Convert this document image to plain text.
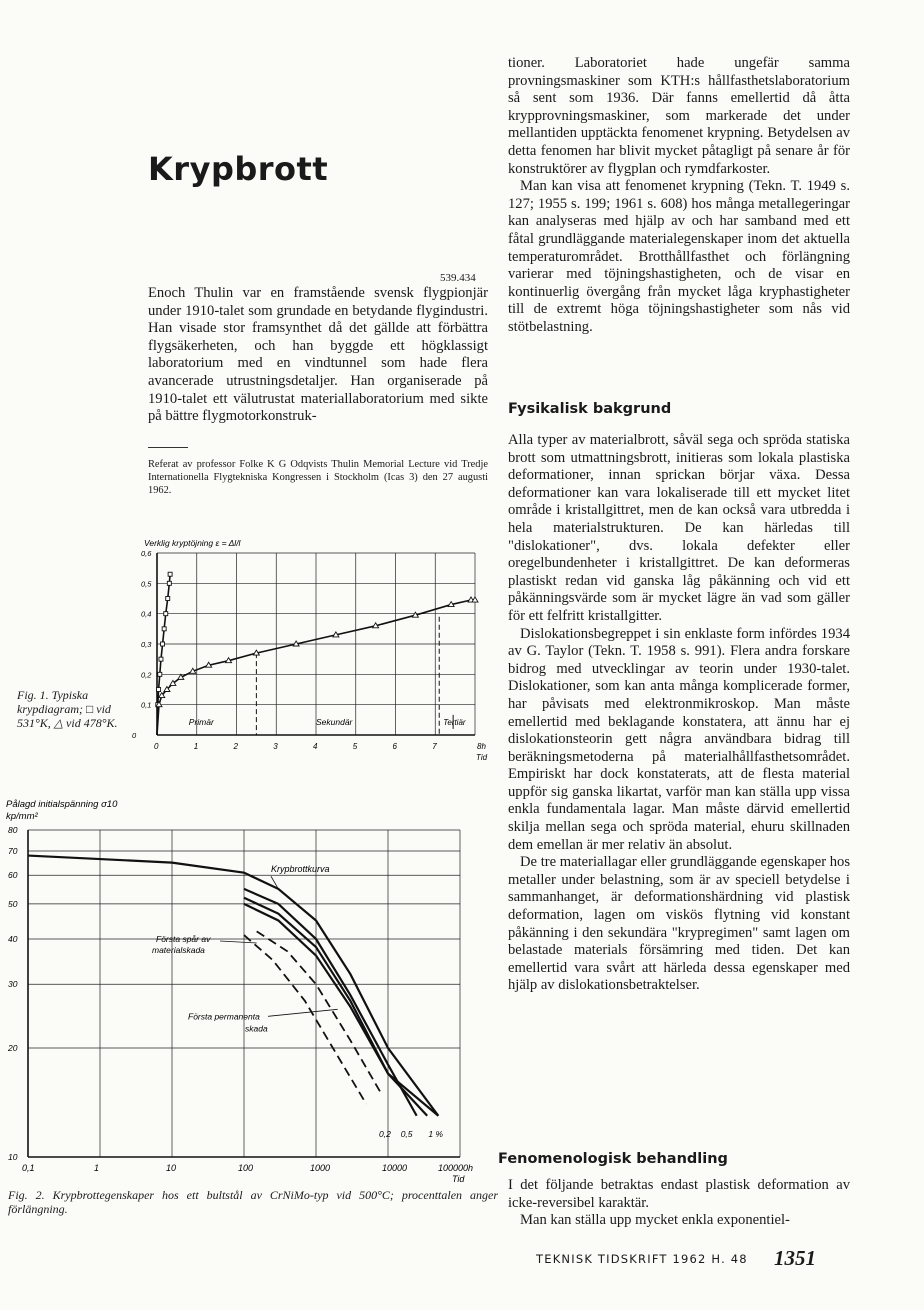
Krypbrott
539.434

Enoch Thulin var en framstående svensk flygpionjär under 1910-talet som grundade en betydande flygindustri. Han visade stor framsynthet då det gällde att förbättra flygsäkerheten, och han byggde ett högklassigt laboratorium med en vindtunnel som hade flera avancerade utrustningsdetaljer. Han organiserade på 1910-talet ett välutrustat materiallaboratorium med sikte på bättre flygmotorkonstruk-

Referat av professor Folke K G Odqvists Thulin Memorial Lecture vid Tredje Internationella Flygtekniska Kongressen i Stockholm (Icas 3) den 27 augusti 1962.

tioner. Laboratoriet hade ungefär samma provningsmaskiner som KTH:s hållfasthetslaboratorium så sent som 1936. Där fanns emellertid då åtta krypprovningsmaskiner, som markerade det under mellantiden upptäckta fenomenet krypning. Betydelsen av detta fenomen har blivit mycket påtagligt på senare år för konstruktörer av flygplan och rymdfarkoster.

Man kan visa att fenomenet krypning (Tekn. T. 1949 s. 127; 1955 s. 199; 1961 s. 608) hos många metallegeringar kan analyseras med hjälp av och har samband med ett fåtal grundläggande materialegenskaper inom det aktuella temperaturområdet. Brotthållfasthet och förlängning varierar med töjningshastigheten, och de visar en kontinuerlig övergång från mycket låga kryphastigheter till de extremt höga töjningshastigheter som nås vid stötbelastning.

Fysikalisk bakgrund

Alla typer av materialbrott, såväl sega och spröda statiska brott som utmattningsbrott, initieras som lokala plastiska deformationer, innan sprickan börjar växa. Dessa deformationer kan vara lokaliserade till ett mycket litet område i kristallgittret, men de kan också vara utbredda i hela materialstrukturen. De kan härledas till "dislokationer", dvs. lokala defekter eller oregelbundenheter i kristallgittret. De kan deformeras plastiskt redan vid ganska låg påkänning och vid ett påkänningsvärde som är mycket lägre än vad som gäller för ett felfritt kristallgitter.

Dislokationsbegreppet i sin enklaste form infördes 1934 av G. Taylor (Tekn. T. 1958 s. 991). Flera andra forskare bidrog med utvecklingar av teorin under 1930-talet. Dislokationer, som kan anta många komplicerade former, har påvisats med elektronmikroskop. Man måste emellertid med beklagande konstatera, att ännu har ej dislokationsteorin gett några användbara bidrag till beräkningsmetoderna på materialhållfasthetsområdet. Empiriskt har dock konstaterats, att de flesta material uppför sig ganska likartat, varför man kan ställa upp vissa enkla fundamentala lagar. Man måste därvid emellertid skilja mellan sega och spröda material, ehuru skillnaden dem emellan är mer relativ än absolut.

De tre materiallagar eller grundläggande egenskaper hos metaller under belastning, som är av speciell betydelse i sammanhanget, är deformationshärdning vid plastisk deformation, lagen om viskös flytning vid konstant påkänning i den sekundära "krypregimen" samt lagen om belastade materials försämring med tiden. Det kan emellertid vara svårt att härleda dessa egenskaper med hjälp av dislokationsbetraktelser.

Fenomenologisk behandling

I det följande betraktas endast plastisk deformation av icke-reversibel karaktär.

Man kan ställa upp mycket enkla exponentiel-

0	1	2	3	4	5	6	7
0,1
0,2
0,3
0,4
0,5
0,6
0
8h
Tid
Verklig kryptöjning ε = Δl/l
Primär	Sekundär	Tertiär
Fig. 1. Typiska krypdiagram; □ vid 531°K, △ vid 478°K.
0,1	1	10	100	1000	10000	100000h
Tid
10
20
30
40
50
60
70
80
Pålagd initialspänning σ10
kp/mm²
Krypbrottkurva
Första spår av
materialskada
Första permanenta
skada
0,2 0,5 1 %
Fig. 2. Krypbrottegenskaper hos ett bultstål av CrNiMo-typ vid 500°C; procenttalen anger förlängning.
TEKNISK TIDSKRIFT 1962 H. 48 1351
